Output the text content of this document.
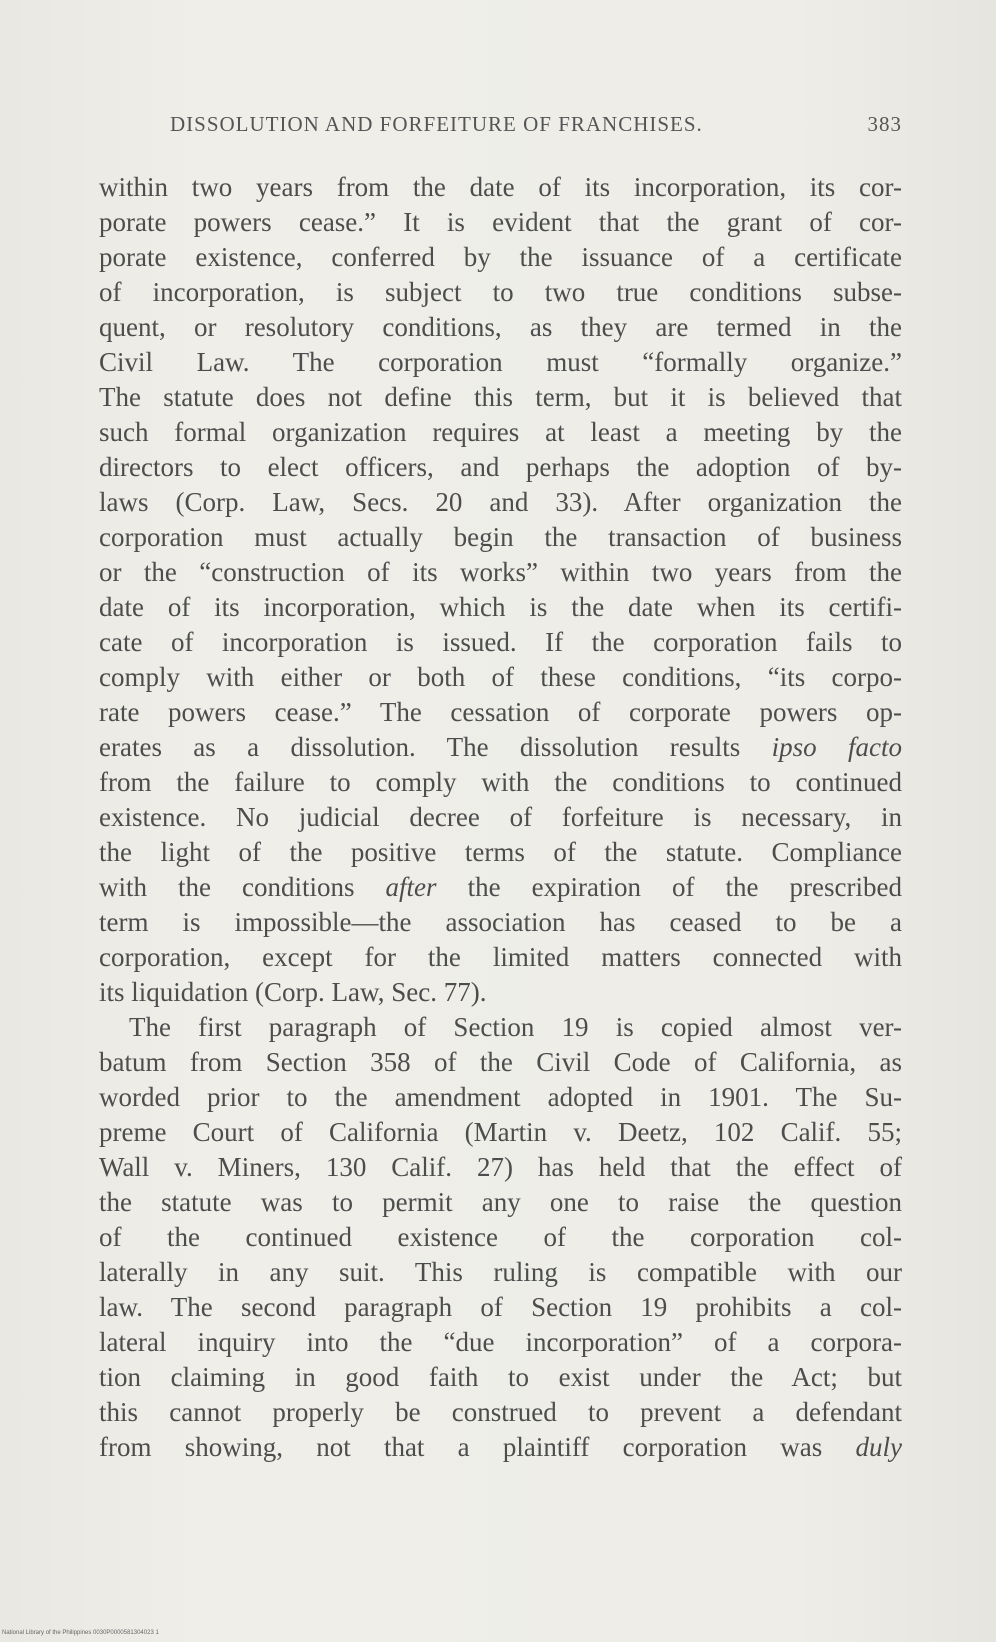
DISSOLUTION AND FORFEITURE OF FRANCHISES.	383
within two years from the date of its incorporation, its cor-
porate powers cease.” It is evident that the grant of cor-
porate existence, conferred by the issuance of a certificate
of incorporation, is subject to two true conditions subse-
quent, or resolutory conditions, as they are termed in the
Civil Law. The corporation must “formally organize.”
The statute does not define this term, but it is believed that
such formal organization requires at least a meeting by the
directors to elect officers, and perhaps the adoption of by-
laws (Corp. Law, Secs. 20 and 33). After organization the
corporation must actually begin the transaction of business
or the “construction of its works” within two years from the
date of its incorporation, which is the date when its certifi-
cate of incorporation is issued. If the corporation fails to
comply with either or both of these conditions, “its corpo-
rate powers cease.” The cessation of corporate powers op-
erates as a dissolution. The dissolution results ipso facto
from the failure to comply with the conditions to continued
existence. No judicial decree of forfeiture is necessary, in
the light of the positive terms of the statute. Compliance
with the conditions after the expiration of the prescribed
term is impossible—the association has ceased to be a
corporation, except for the limited matters connected with
its liquidation (Corp. Law, Sec. 77).
The first paragraph of Section 19 is copied almost ver-
batum from Section 358 of the Civil Code of California, as
worded prior to the amendment adopted in 1901. The Su-
preme Court of California (Martin v. Deetz, 102 Calif. 55;
Wall v. Miners, 130 Calif. 27) has held that the effect of
the statute was to permit any one to raise the question
of the continued existence of the corporation col-
laterally in any suit. This ruling is compatible with our
law. The second paragraph of Section 19 prohibits a col-
lateral inquiry into the “due incorporation” of a corpora-
tion claiming in good faith to exist under the Act; but
this cannot properly be construed to prevent a defendant
from showing, not that a plaintiff corporation was duly
National Library of the Philippines 0030P0000581304023 1
